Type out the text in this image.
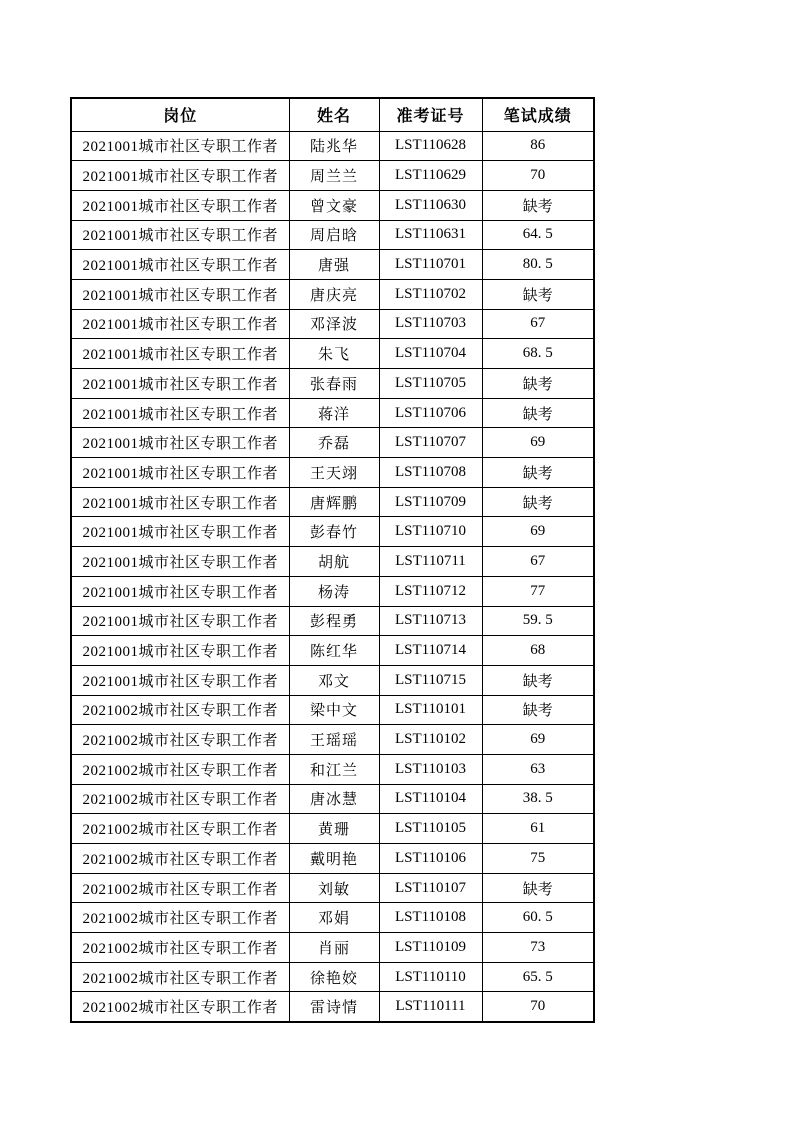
岗位	姓名	准考证号	笔试成绩
2021001城市社区专职工作者	陆兆华	LST110628	86
2021001城市社区专职工作者	周兰兰	LST110629	70
2021001城市社区专职工作者	曾文豪	LST110630	缺考
2021001城市社区专职工作者	周启晗	LST110631	64. 5
2021001城市社区专职工作者	唐强	LST110701	80. 5
2021001城市社区专职工作者	唐庆亮	LST110702	缺考
2021001城市社区专职工作者	邓泽波	LST110703	67
2021001城市社区专职工作者	朱飞	LST110704	68. 5
2021001城市社区专职工作者	张春雨	LST110705	缺考
2021001城市社区专职工作者	蒋洋	LST110706	缺考
2021001城市社区专职工作者	乔磊	LST110707	69
2021001城市社区专职工作者	王天翊	LST110708	缺考
2021001城市社区专职工作者	唐辉鹏	LST110709	缺考
2021001城市社区专职工作者	彭春竹	LST110710	69
2021001城市社区专职工作者	胡航	LST110711	67
2021001城市社区专职工作者	杨涛	LST110712	77
2021001城市社区专职工作者	彭程勇	LST110713	59. 5
2021001城市社区专职工作者	陈红华	LST110714	68
2021001城市社区专职工作者	邓文	LST110715	缺考
2021002城市社区专职工作者	梁中文	LST110101	缺考
2021002城市社区专职工作者	王瑶瑶	LST110102	69
2021002城市社区专职工作者	和江兰	LST110103	63
2021002城市社区专职工作者	唐冰慧	LST110104	38. 5
2021002城市社区专职工作者	黄珊	LST110105	61
2021002城市社区专职工作者	戴明艳	LST110106	75
2021002城市社区专职工作者	刘敏	LST110107	缺考
2021002城市社区专职工作者	邓娟	LST110108	60. 5
2021002城市社区专职工作者	肖丽	LST110109	73
2021002城市社区专职工作者	徐艳姣	LST110110	65. 5
2021002城市社区专职工作者	雷诗情	LST110111	70
